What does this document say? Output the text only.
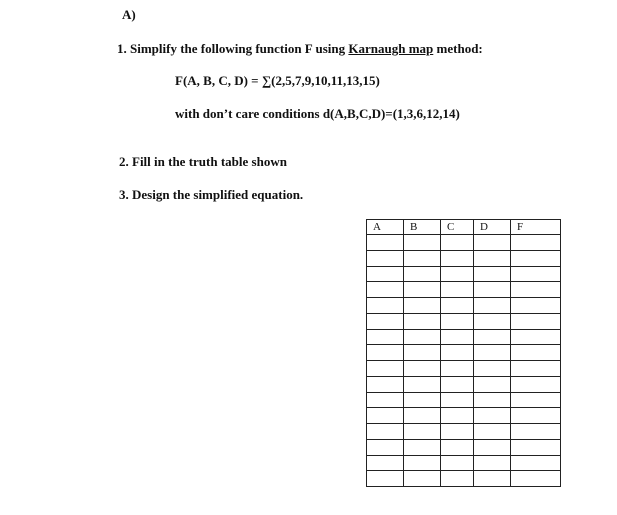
A)
1. Simplify the following function F using Karnaugh map method:
F(A, B, C, D) = ∑(2,5,7,9,10,11,13,15)
with don’t care conditions d(A,B,C,D)=(1,3,6,12,14)
2. Fill in the truth table shown
3. Design the simplified equation.
A	B	C	D	F
